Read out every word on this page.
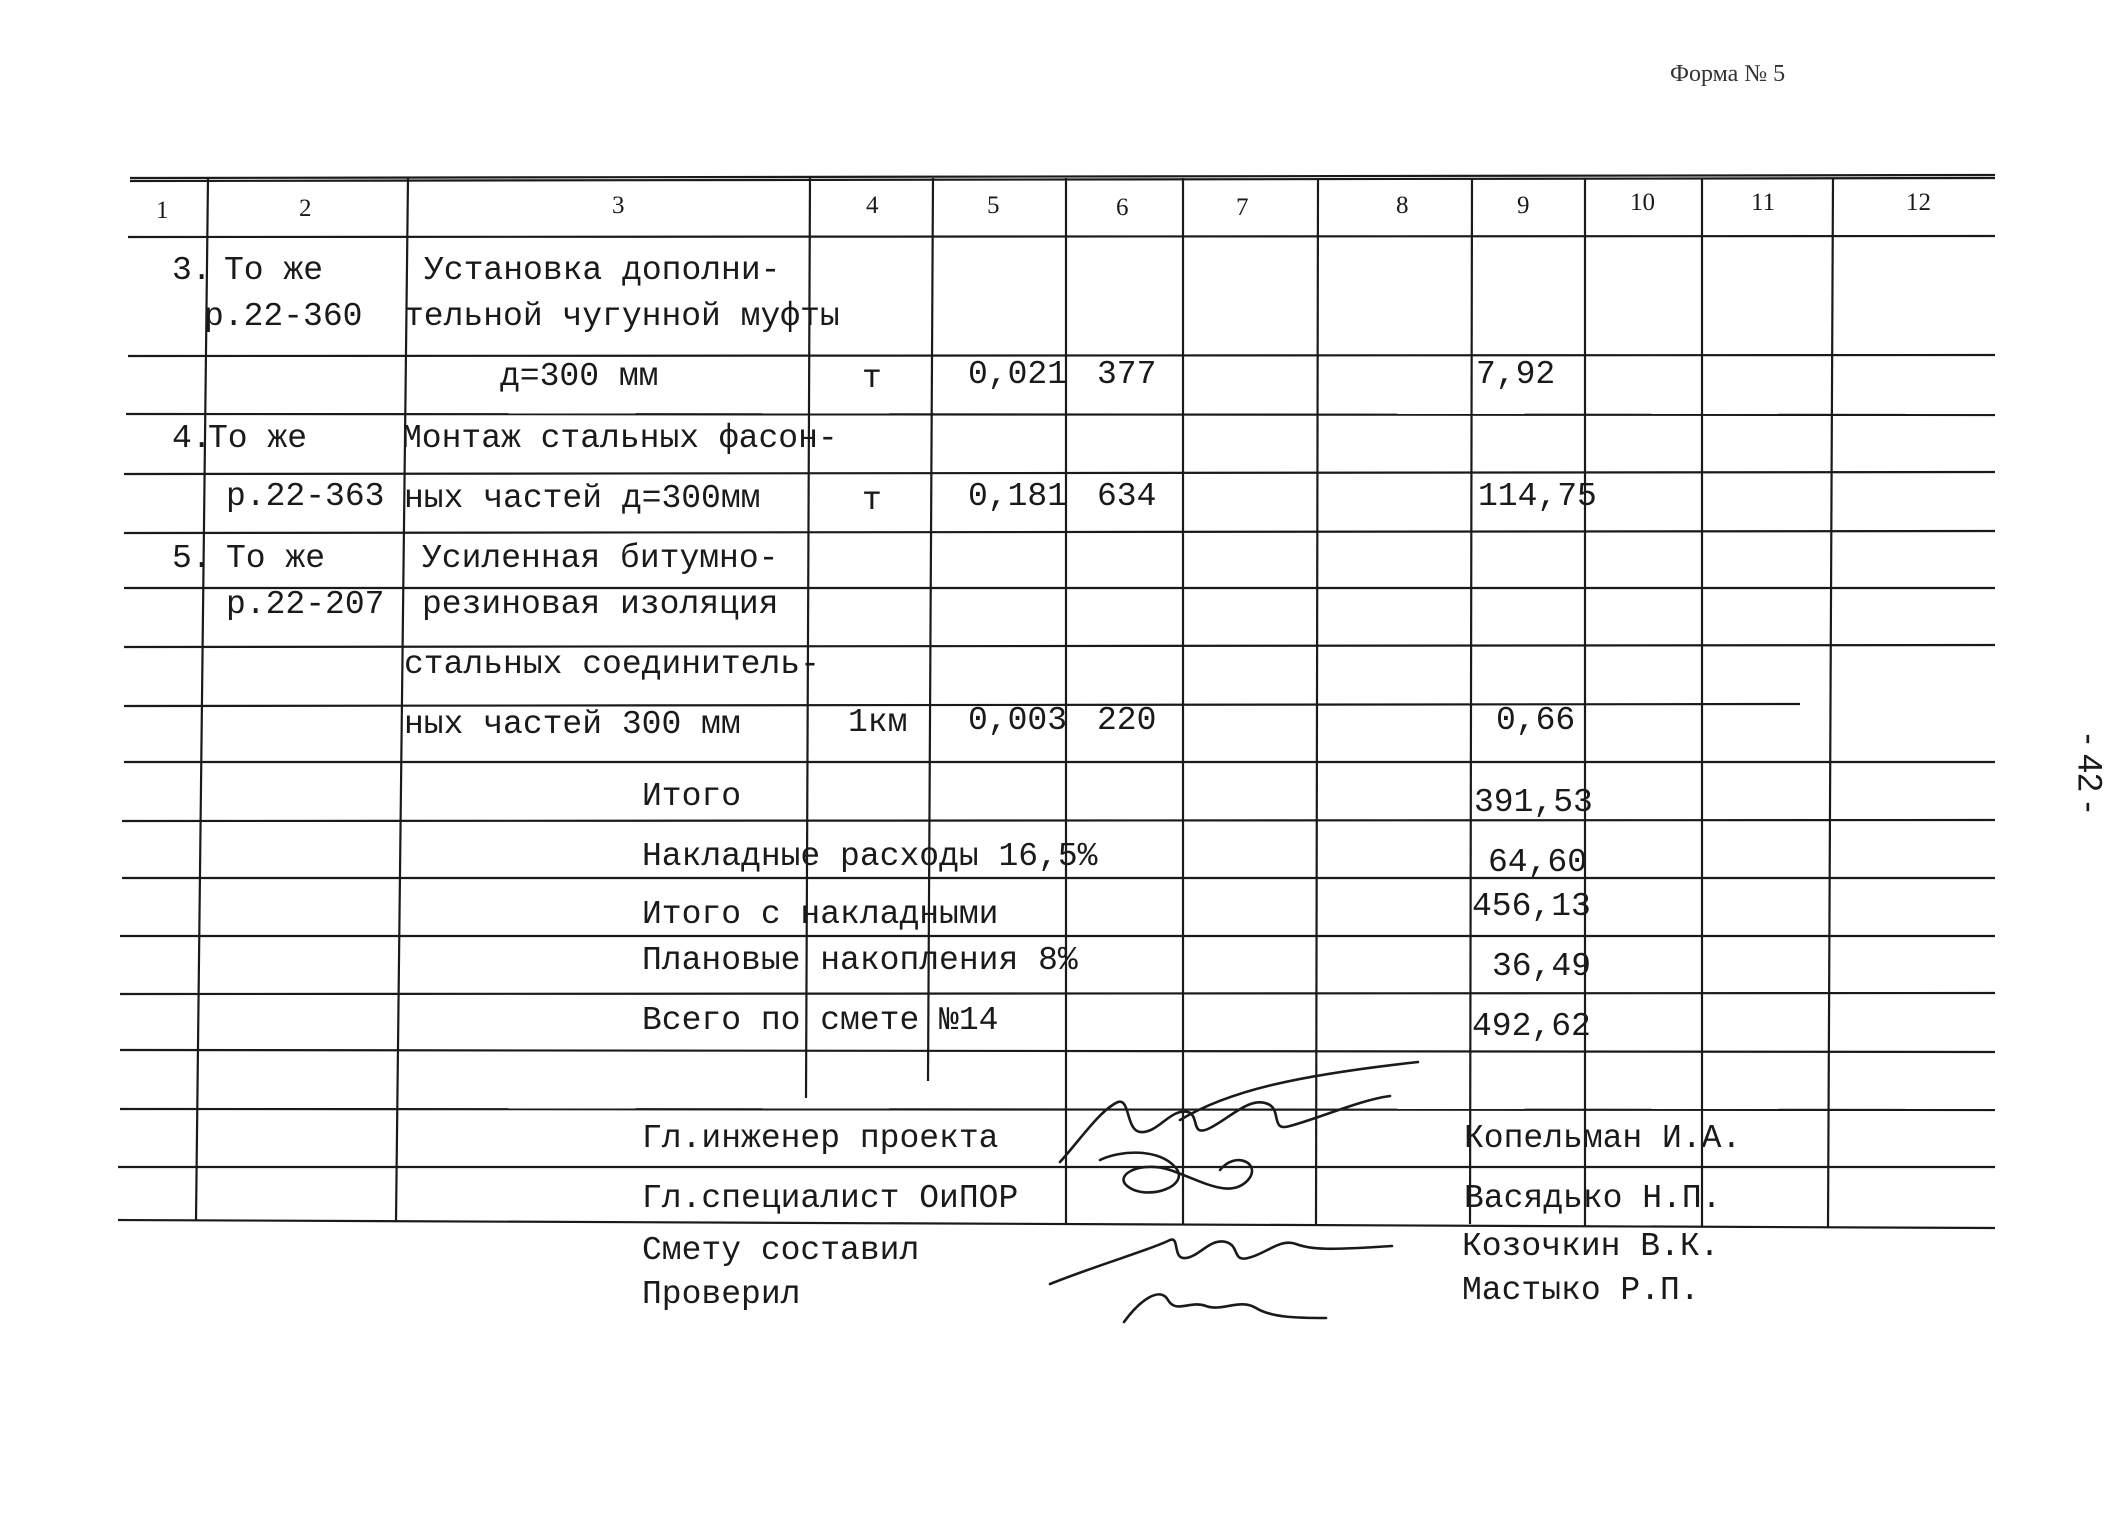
Форма № 5
- 42 -
1	2	3	4	5	6	7	8	9	10	11	12
3. То же	Установка дополни-
р.22-360 тельной чугунной муфты
д=300 мм	т	0,021 377	7,92
4.
То же	Монтаж стальных фасон-
р.22-363 ных частей д=300мм	т	0,181 634	114,75
5. То же	Усиленная битумно-
р.22-207 резиновая изоляция
стальных соединитель-
ных частей 300 мм	1км 0,003 220	0,66
Итого	391,53
Накладные расходы 16,5%	64,60
Итого с накладными	456,13
Плановые накопления 8%	36,49
Всего по смете №14	492,62
Гл.инженер проекта	Копельман И.А.
Гл.специалист ОиПОР	Васядько Н.П.
Смету составил	Козочкин В.К.
Проверил	Мастыко Р.П.
